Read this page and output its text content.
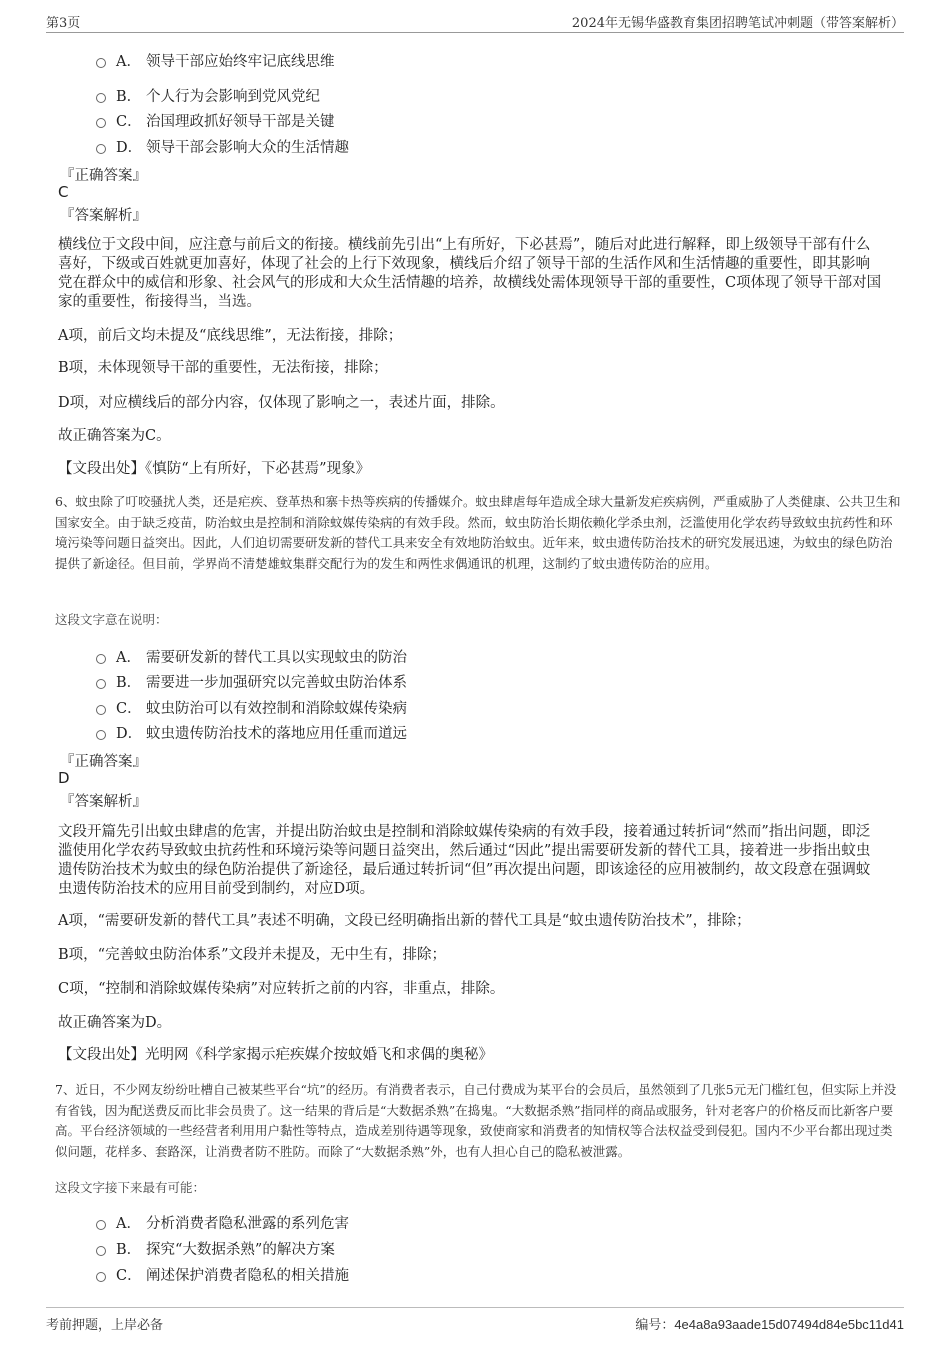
第3页	2024年无锡华盛教育集团招聘笔试冲刺题（带答案解析）
A． 领导干部应始终牢记底线思维
B． 个人行为会影响到党风党纪
C． 治国理政抓好领导干部是关键
D． 领导干部会影响大众的生活情趣
『正确答案』
C
『答案解析』
横线位于文段中间，应注意与前后文的衔接。横线前先引出“上有所好，下必甚焉”，随后对此进行解释，即上级领导干部有什么喜好，下级或百姓就更加喜好，体现了社会的上行下效现象，横线后介绍了领导干部的生活作风和生活情趣的重要性，即其影响党在群众中的威信和形象、社会风气的形成和大众生活情趣的培养，故横线处需体现领导干部的重要性，C项体现了领导干部对国家的重要性，衔接得当，当选。
A项，前后文均未提及“底线思维”，无法衔接，排除；
B项，未体现领导干部的重要性，无法衔接，排除；
D项，对应横线后的部分内容，仅体现了影响之一，表述片面，排除。
故正确答案为C。
【文段出处】《慎防“上有所好，下必甚焉”现象》
6、蚊虫除了叮咬骚扰人类，还是疟疾、登革热和寨卡热等疾病的传播媒介。蚊虫肆虐每年造成全球大量新发疟疾病例，严重威胁了人类健康、公共卫生和国家安全。由于缺乏疫苗，防治蚊虫是控制和消除蚊媒传染病的有效手段。然而，蚊虫防治长期依赖化学杀虫剂，泛滥使用化学农药导致蚊虫抗药性和环境污染等问题日益突出。因此，人们迫切需要研发新的替代工具来安全有效地防治蚊虫。近年来，蚊虫遗传防治技术的研究发展迅速，为蚊虫的绿色防治提供了新途径。但目前，学界尚不清楚雄蚊集群交配行为的发生和两性求偶通讯的机理，这制约了蚊虫遗传防治的应用。
这段文字意在说明：
A． 需要研发新的替代工具以实现蚊虫的防治
B． 需要进一步加强研究以完善蚊虫防治体系
C． 蚊虫防治可以有效控制和消除蚊媒传染病
D． 蚊虫遗传防治技术的落地应用任重而道远
『正确答案』
D
『答案解析』
文段开篇先引出蚊虫肆虐的危害，并提出防治蚊虫是控制和消除蚊媒传染病的有效手段，接着通过转折词“然而”指出问题，即泛滥使用化学农药导致蚊虫抗药性和环境污染等问题日益突出，然后通过“因此”提出需要研发新的替代工具，接着进一步指出蚊虫遗传防治技术为蚊虫的绿色防治提供了新途径，最后通过转折词“但”再次提出问题，即该途径的应用被制约，故文段意在强调蚊虫遗传防治技术的应用目前受到制约，对应D项。
A项，“需要研发新的替代工具”表述不明确，文段已经明确指出新的替代工具是“蚊虫遗传防治技术”，排除；
B项，“完善蚊虫防治体系”文段并未提及，无中生有，排除；
C项，“控制和消除蚊媒传染病”对应转折之前的内容，非重点，排除。
故正确答案为D。
【文段出处】光明网《科学家揭示疟疾媒介按蚊婚飞和求偶的奥秘》
7、近日，不少网友纷纷吐槽自己被某些平台“坑”的经历。有消费者表示，自己付费成为某平台的会员后，虽然领到了几张5元无门槛红包，但实际上并没有省钱，因为配送费反而比非会员贵了。这一结果的背后是“大数据杀熟”在捣鬼。“大数据杀熟”指同样的商品或服务，针对老客户的价格反而比新客户要高。平台经济领域的一些经营者利用用户黏性等特点，造成差别待遇等现象，致使商家和消费者的知情权等合法权益受到侵犯。国内不少平台都出现过类似问题，花样多、套路深，让消费者防不胜防。而除了“大数据杀熟”外，也有人担心自己的隐私被泄露。
这段文字接下来最有可能：
A． 分析消费者隐私泄露的系列危害
B． 探究“大数据杀熟”的解决方案
C． 阐述保护消费者隐私的相关措施
考前押题，上岸必备	编号：4e4a8a93aade15d07494d84e5bc11d41
